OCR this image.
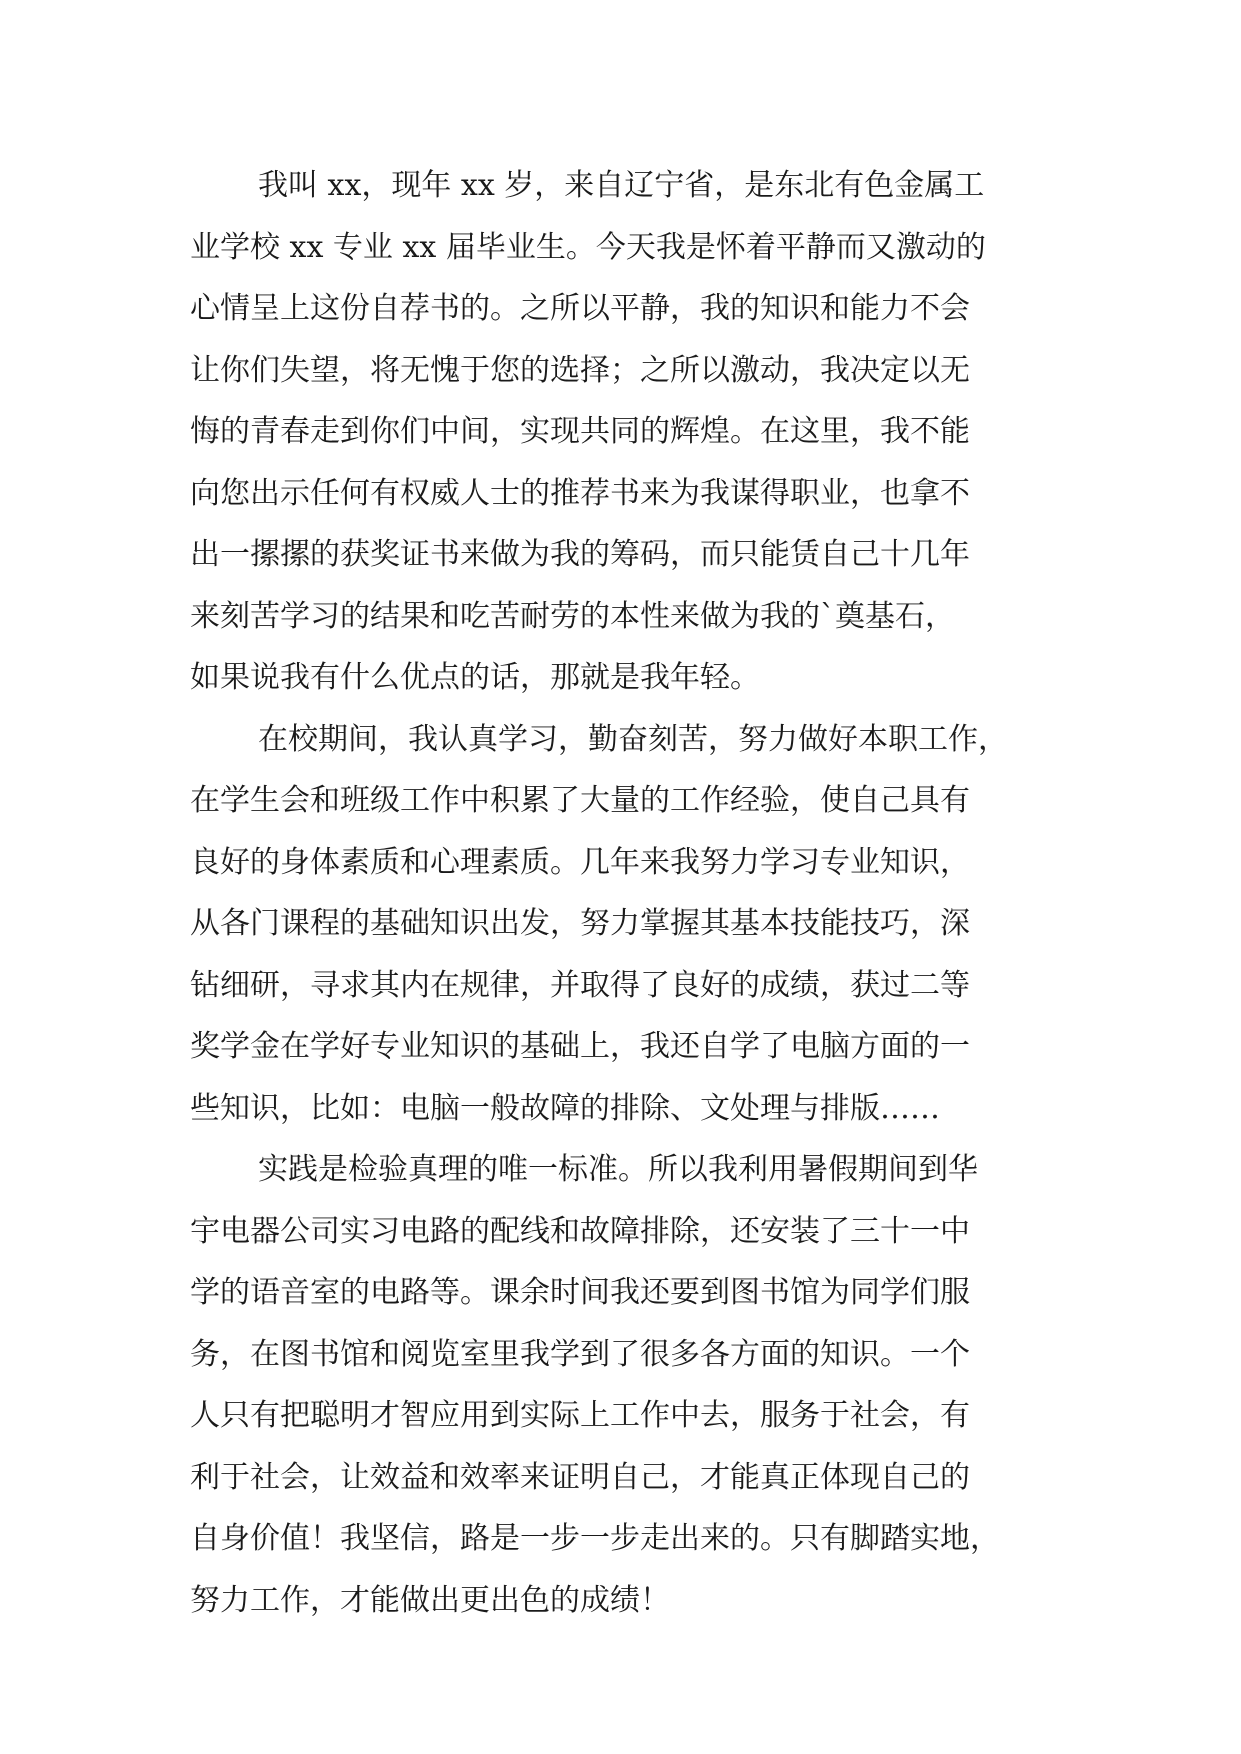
我叫 xx，现年 xx 岁，来自辽宁省，是东北有色金属工
业学校 xx 专业 xx 届毕业生。今天我是怀着平静而又激动的
心情呈上这份自荐书的。之所以平静，我的知识和能力不会
让你们失望，将无愧于您的选择；之所以激动，我决定以无
悔的青春走到你们中间，实现共同的辉煌。在这里，我不能
向您出示任何有权威人士的推荐书来为我谋得职业，也拿不
出一摞摞的获奖证书来做为我的筹码，而只能赁自己十几年
来刻苦学习的结果和吃苦耐劳的本性来做为我的`奠基石，
如果说我有什么优点的话，那就是我年轻。
在校期间，我认真学习，勤奋刻苦，努力做好本职工作，
在学生会和班级工作中积累了大量的工作经验，使自己具有
良好的身体素质和心理素质。几年来我努力学习专业知识，
从各门课程的基础知识出发，努力掌握其基本技能技巧，深
钻细研，寻求其内在规律，并取得了良好的成绩，获过二等
奖学金在学好专业知识的基础上，我还自学了电脑方面的一
些知识，比如：电脑一般故障的排除、文处理与排版……
实践是检验真理的唯一标准。所以我利用暑假期间到华
宇电器公司实习电路的配线和故障排除，还安装了三十一中
学的语音室的电路等。课余时间我还要到图书馆为同学们服
务，在图书馆和阅览室里我学到了很多各方面的知识。一个
人只有把聪明才智应用到实际上工作中去，服务于社会，有
利于社会，让效益和效率来证明自己，才能真正体现自己的
自身价值！我坚信，路是一步一步走出来的。只有脚踏实地，
努力工作，才能做出更出色的成绩！
